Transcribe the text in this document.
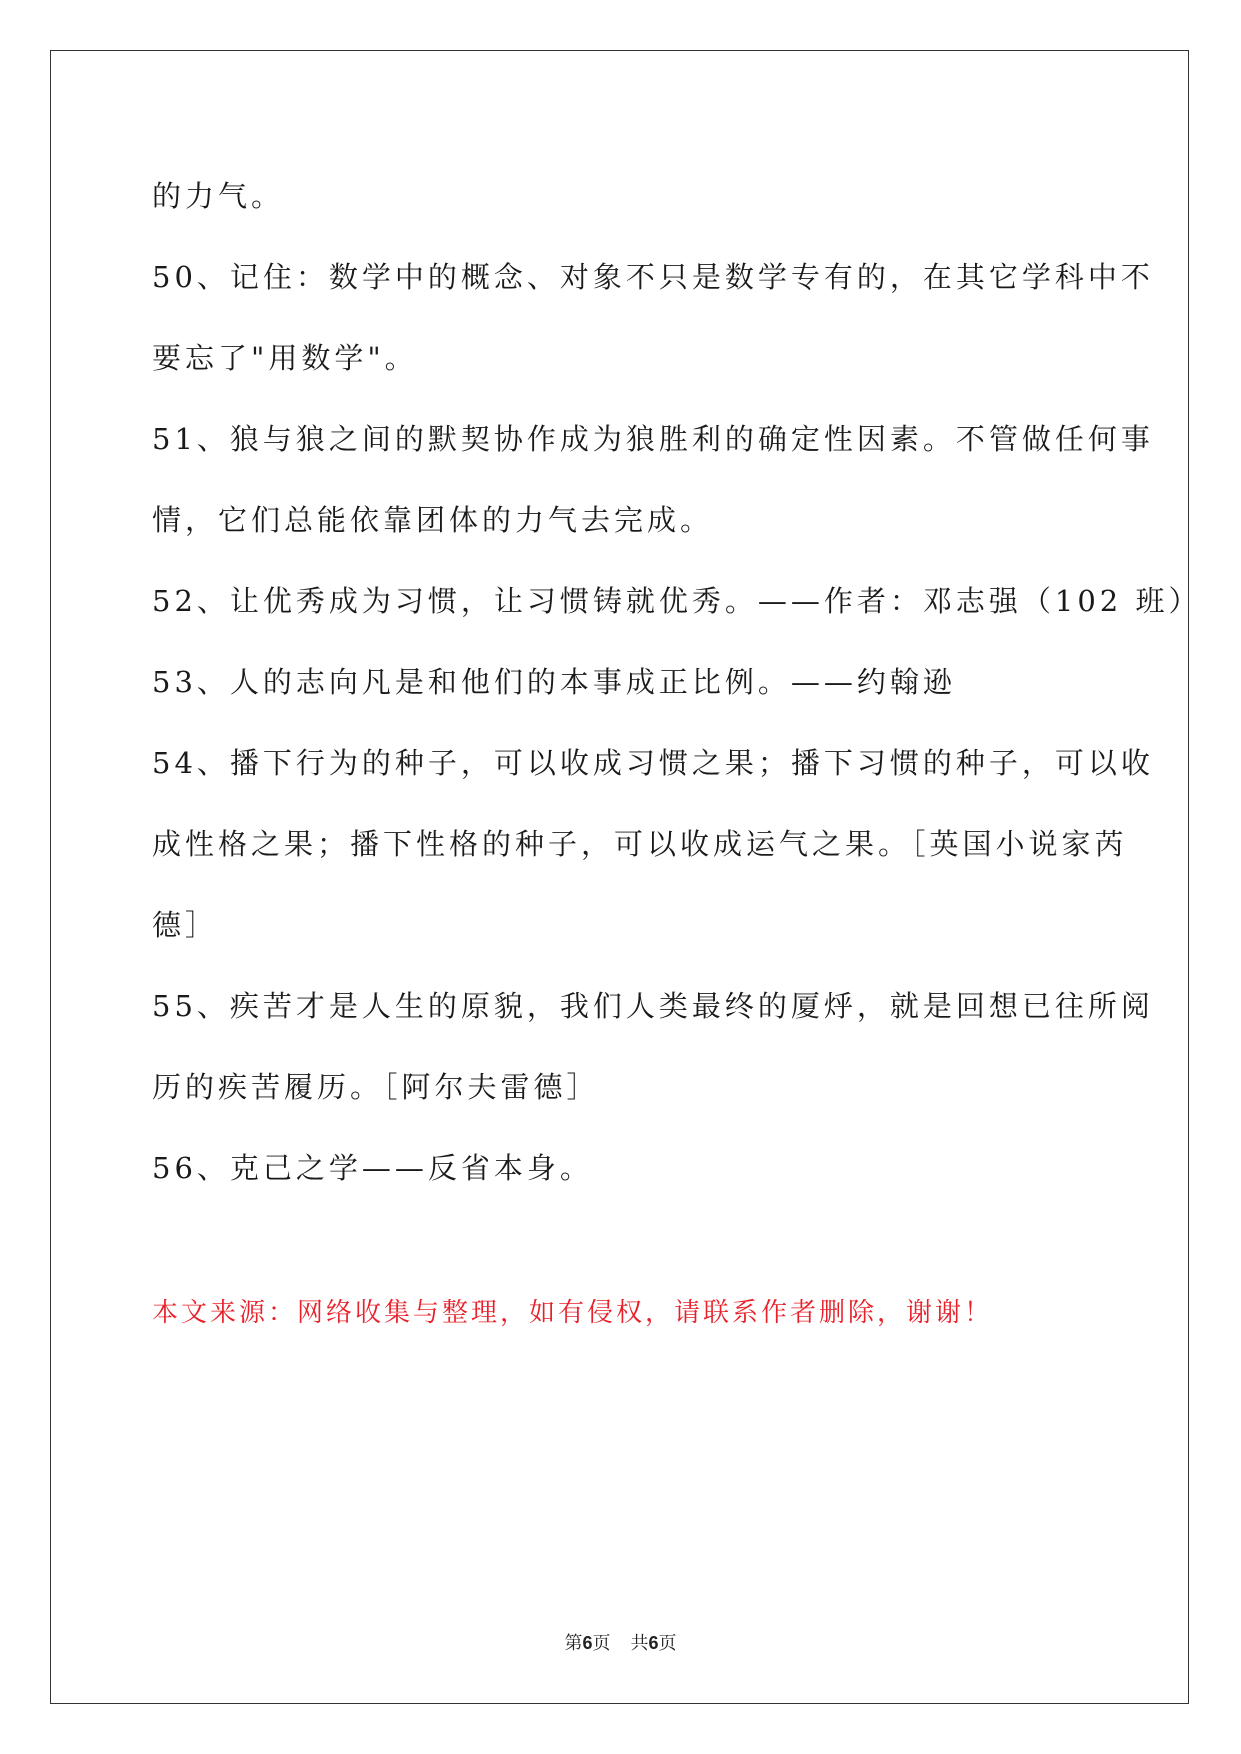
的力气。
50、记住：数学中的概念、对象不只是数学专有的，在其它学科中不
要忘了"用数学"。
51、狼与狼之间的默契协作成为狼胜利的确定性因素。不管做任何事
情，它们总能依靠团体的力气去完成。
52、让优秀成为习惯，让习惯铸就优秀。——作者：邓志强（102 班）
53、人的志向凡是和他们的本事成正比例。——约翰逊
54、播下行为的种子，可以收成习惯之果；播下习惯的种子，可以收
成性格之果；播下性格的种子，可以收成运气之果。［英国小说家芮
德］
55、疾苦才是人生的原貌，我们人类最终的厦烀，就是回想已往所阅
历的疾苦履历。［阿尔夫雷德］
56、克己之学——反省本身。
本文来源：网络收集与整理，如有侵权，请联系作者删除，谢谢！
第6页 共6页
